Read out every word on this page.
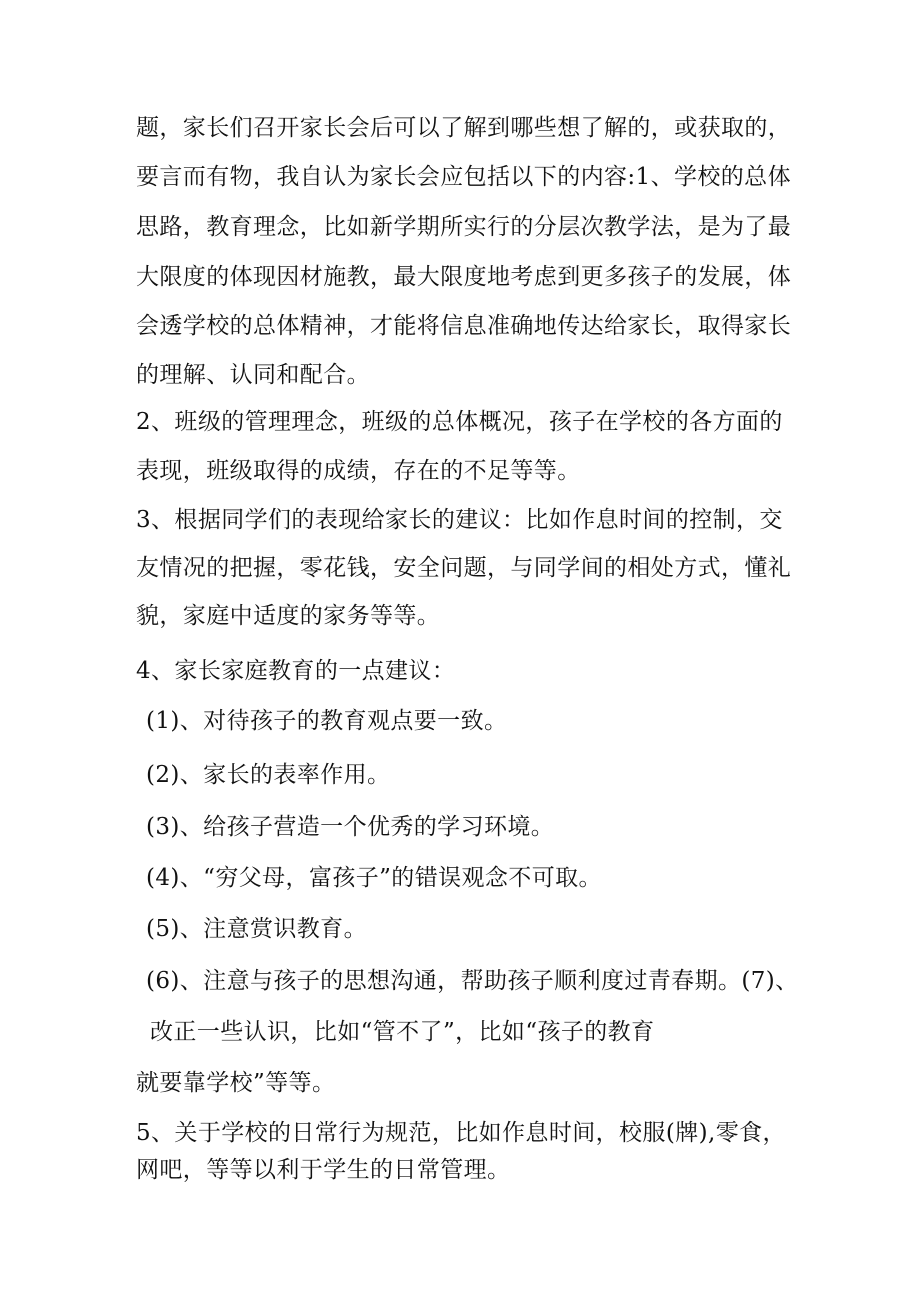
题，家长们召开家长会后可以了解到哪些想了解的，或获取的，
要言而有物，我自认为家长会应包括以下的内容:1、学校的总体
思路，教育理念，比如新学期所实行的分层次教学法，是为了最
大限度的体现因材施教，最大限度地考虑到更多孩子的发展，体
会透学校的总体精神，才能将信息准确地传达给家长，取得家长
的理解、认同和配合。
2、班级的管理理念，班级的总体概况，孩子在学校的各方面的
表现，班级取得的成绩，存在的不足等等。
3、根据同学们的表现给家长的建议：比如作息时间的控制，交
友情况的把握，零花钱，安全问题，与同学间的相处方式，懂礼
貌，家庭中适度的家务等等。
4、家长家庭教育的一点建议：
(1)、对待孩子的教育观点要一致。
(2)、家长的表率作用。
(3)、给孩子营造一个优秀的学习环境。
(4)、“穷父母，富孩子”的错误观念不可取。
(5)、注意赏识教育。
(6)、注意与孩子的思想沟通，帮助孩子顺利度过青春期。(7)、
改正一些认识，比如“管不了”，比如“孩子的教育
就要靠学校”等等。
5、关于学校的日常行为规范，比如作息时间，校服(牌),零食，
网吧，等等以利于学生的日常管理。
